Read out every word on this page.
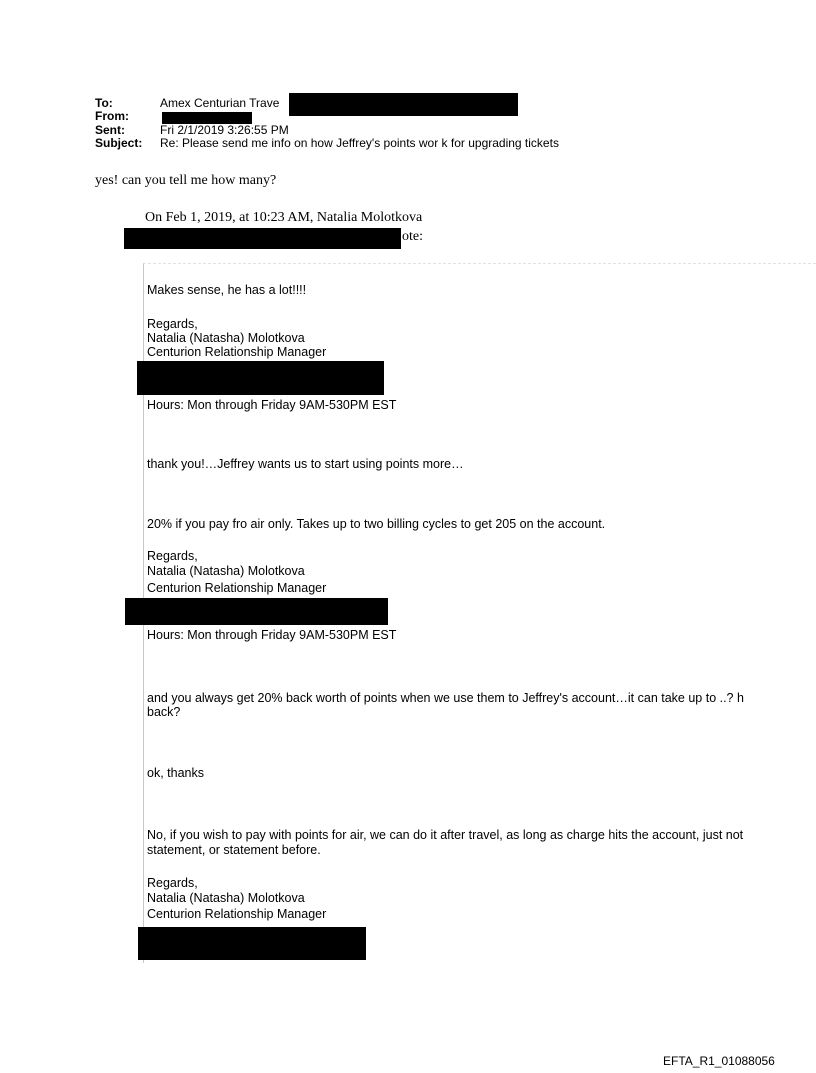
To:	Amex Centurian Trave
From:
Sent:	Fri 2/1/2019 3:26:55 PM
Subject: Re: Please send me info on how Jeffrey's points wor k for upgrading tickets
yes! can you tell me how many?
On Feb 1, 2019, at 10:23 AM, Natalia Molotkova
ote:
Makes sense, he has a lot!!!!
Regards,
Natalia (Natasha) Molotkova
Centurion Relationship Manager
Hours: Mon through Friday 9AM-530PM EST
thank you!…Jeffrey wants us to start using points more…
20% if you pay fro air only. Takes up to two billing cycles to get 205 on the account.
Regards,
Natalia (Natasha) Molotkova
Centurion Relationship Manager
Hours: Mon through Friday 9AM-530PM EST
and you always get 20% back worth of points when we use them to Jeffrey's account…it can take up to ..? h
back?
ok, thanks
No, if you wish to pay with points for air, we can do it after travel, as long as charge hits the account, just not
statement, or statement before.
Regards,
Natalia (Natasha) Molotkova
Centurion Relationship Manager
EFTA_R1_01088056
